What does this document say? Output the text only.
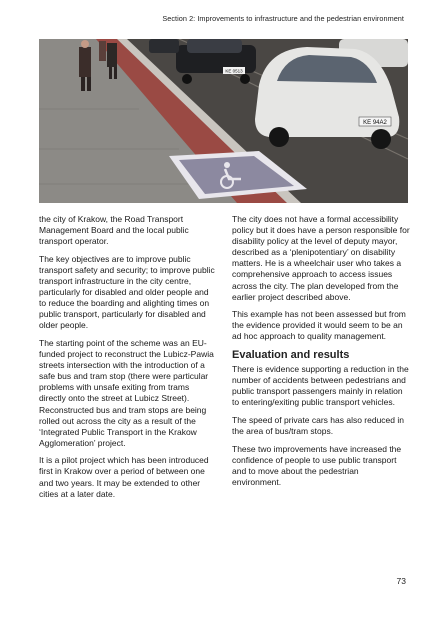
Section 2: Improvements to infrastructure and the pedestrian environment
KE 0513
KE 94A2

the city of Krakow, the Road Transport Management Board and the local public transport operator.

The key objectives are to improve public transport safety and security; to improve public transport infrastructure in the city centre, particularly for disabled and older people and to reduce the boarding and alighting times on public transport, particularly for disabled and older people.

The starting point of the scheme was an EU-funded project to reconstruct the Lubicz-Pawia streets intersection with the introduction of a safe bus and tram stop (there were particular problems with unsafe exiting from trams directly onto the street at Lubicz Street). Reconstructed bus and tram stops are being rolled out across the city as a result of the ‘Integrated Public Transport in the Krakow Agglomeration’ project.

It is a pilot project which has been introduced first in Krakow over a period of between one and two years. It may be extended to other cities at a later date.

The city does not have a formal accessibility policy but it does have a person responsible for disability policy at the level of deputy mayor, described as a ‘plenipotentiary’ on disability matters. He is a wheelchair user who takes a comprehensive approach to access issues across the city. The plan developed from the earlier project described above.

This example has not been assessed but from the evidence provided it would seem to be an ad hoc approach to quality management.

Evaluation and results

There is evidence supporting a reduction in the number of accidents between pedestrians and public transport passengers mainly in relation to entering/exiting public transport vehicles.

The speed of private cars has also reduced in the area of bus/tram stops.

These two improvements have increased the confidence of people to use public transport and to move about the pedestrian environment.

73
